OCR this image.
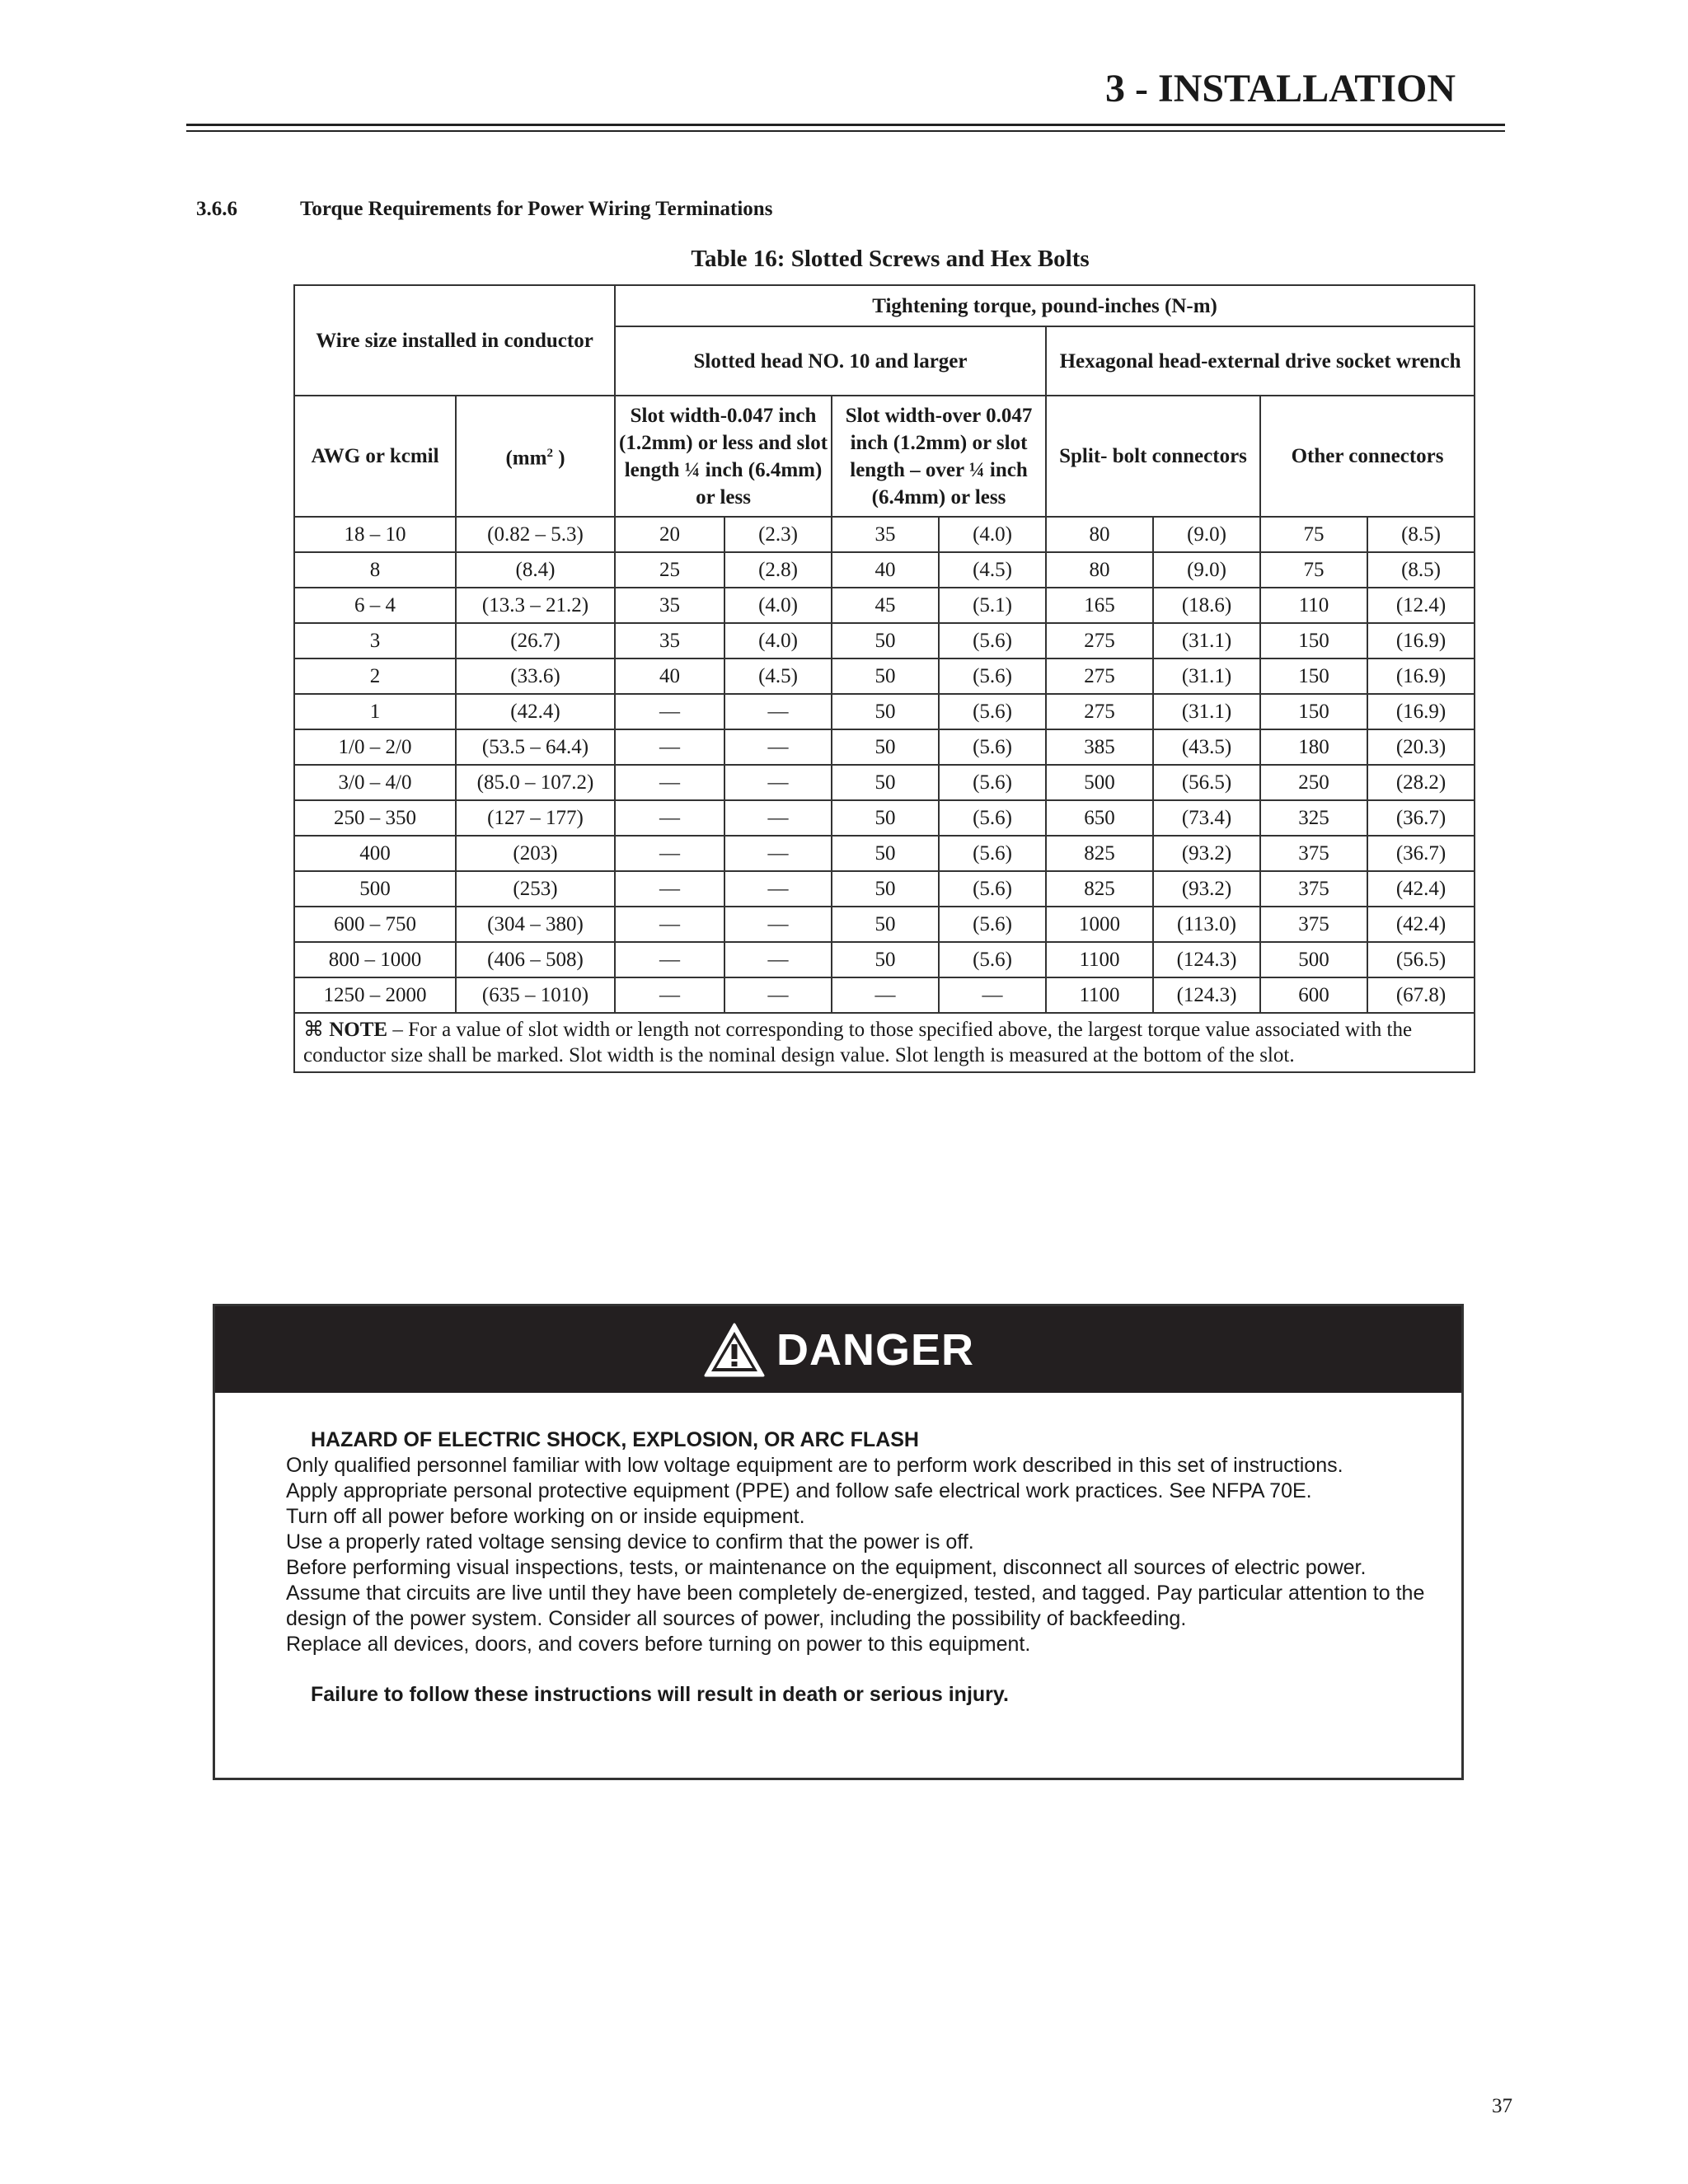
3 - INSTALLATION
3.6.6	Torque Requirements for Power Wiring Terminations
Table 16: Slotted Screws and Hex Bolts
Wire size installed in conductor		Tightening torque, pound-inches (N-m)							
		Slotted head NO. 10 and larger				Hexagonal head-external drive socket wrench			
AWG or kcmil	($mm^2$ )	Slot width-0.047 inch (1.2mm) or less and slot length ¼ inch (6.4mm) or less		Slot width-over 0.047 inch (1.2mm) or slot length – over ¼ inch (6.4mm) or less		Split- bolt connectors		Other connectors	
18 – 10	(0.82 – 5.3)	20	(2.3)	35	(4.0)	80	(9.0)	75	(8.5)
8	(8.4)	25	(2.8)	40	(4.5)	80	(9.0)	75	(8.5)
6 – 4	(13.3 – 21.2)	35	(4.0)	45	(5.1)	165	(18.6)	110	(12.4)
3	(26.7)	35	(4.0)	50	(5.6)	275	(31.1)	150	(16.9)
2	(33.6)	40	(4.5)	50	(5.6)	275	(31.1)	150	(16.9)
1	(42.4)	—	—	50	(5.6)	275	(31.1)	150	(16.9)
1/0 – 2/0	(53.5 – 64.4)	—	—	50	(5.6)	385	(43.5)	180	(20.3)
3/0 – 4/0	(85.0 – 107.2)	—	—	50	(5.6)	500	(56.5)	250	(28.2)
250 – 350	(127 – 177)	—	—	50	(5.6)	650	(73.4)	325	(36.7)
400	(203)	—	—	50	(5.6)	825	(93.2)	375	(36.7)
500	(253)	—	—	50	(5.6)	825	(93.2)	375	(42.4)
600 – 750	(304 – 380)	—	—	50	(5.6)	1000	(113.0)	375	(42.4)
800 – 1000	(406 – 508)	—	—	50	(5.6)	1100	(124.3)	500	(56.5)
1250 – 2000	(635 – 1010)	—	—	—	—	1100	(124.3)	600	(67.8)
⌘ NOTE – For a value of slot width or length not corresponding to those specified above, the largest torque value associated with the conductor size shall be marked. Slot width is the nominal design value. Slot length is measured at the bottom of the slot.									
DANGER
HAZARD OF ELECTRIC SHOCK, EXPLOSION, OR ARC FLASH
Only qualified personnel familiar with low voltage equipment are to perform work described in this set of instructions.
Apply appropriate personal protective equipment (PPE) and follow safe electrical work practices. See NFPA 70E.
Turn off all power before working on or inside equipment.
Use a properly rated voltage sensing device to confirm that the power is off.
Before performing visual inspections, tests, or maintenance on the equipment, disconnect all sources of electric power.
Assume that circuits are live until they have been completely de-energized, tested, and tagged. Pay particular attention to the design of the power system. Consider all sources of power, including the possibility of backfeeding.
Replace all devices, doors, and covers before turning on power to this equipment.
Failure to follow these instructions will result in death or serious injury.
37
